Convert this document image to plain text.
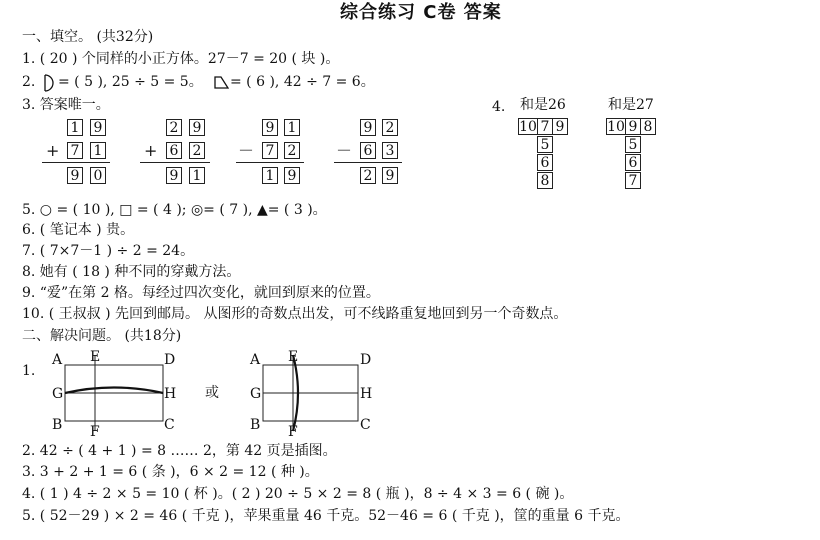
综合练习 C卷 答案
一、填空。 (共32分)
1. ( 20 ) 个同样的小正方体。27－7 = 20 ( 块 )。
2. = ( 5 ), 25 ÷ 5 = 5。 = ( 6 ), 42 ÷ 7 = 6。
3. 答案唯一。
1 9
+ 7 1
9 0
2 9
+ 6 2
9 1
9 1
－ 7 2
1 9
9 2
－ 6 3
2 9
4. 和是26	和是27
10 7 9
5
6
8
10 9 8
5
6
7
5. ○ = ( 10 ), □ = ( 4 ); ◎= ( 7 ), ▲= ( 3 )。
6. ( 笔记本 ) 贵。
7. ( 7×7－1 ) ÷ 2 = 24。
8. 她有 ( 18 ) 种不同的穿戴方法。
9. “爱”在第 2 格。每经过四次变化，就回到原来的位置。
10. ( 王叔叔 ) 先回到邮局。 从图形的奇数点出发，可不线路重复地回到另一个奇数点。
二、解决问题。 (共18分)
1.
A E	D
G	H
B F	C
或
A E	D
G	H
B F	C
2. 42 ÷ ( 4 + 1 ) = 8 …… 2，第 42 页是插图。
3. 3 + 2 + 1 = 6 ( 条 )，6 × 2 = 12 ( 种 )。
4. ( 1 ) 4 ÷ 2 × 5 = 10 ( 杯 )。( 2 ) 20 ÷ 5 × 2 = 8 ( 瓶 )，8 ÷ 4 × 3 = 6 ( 碗 )。
5. ( 52－29 ) × 2 = 46 ( 千克 )，苹果重量 46 千克。52－46 = 6 ( 千克 )，筐的重量 6 千克。
